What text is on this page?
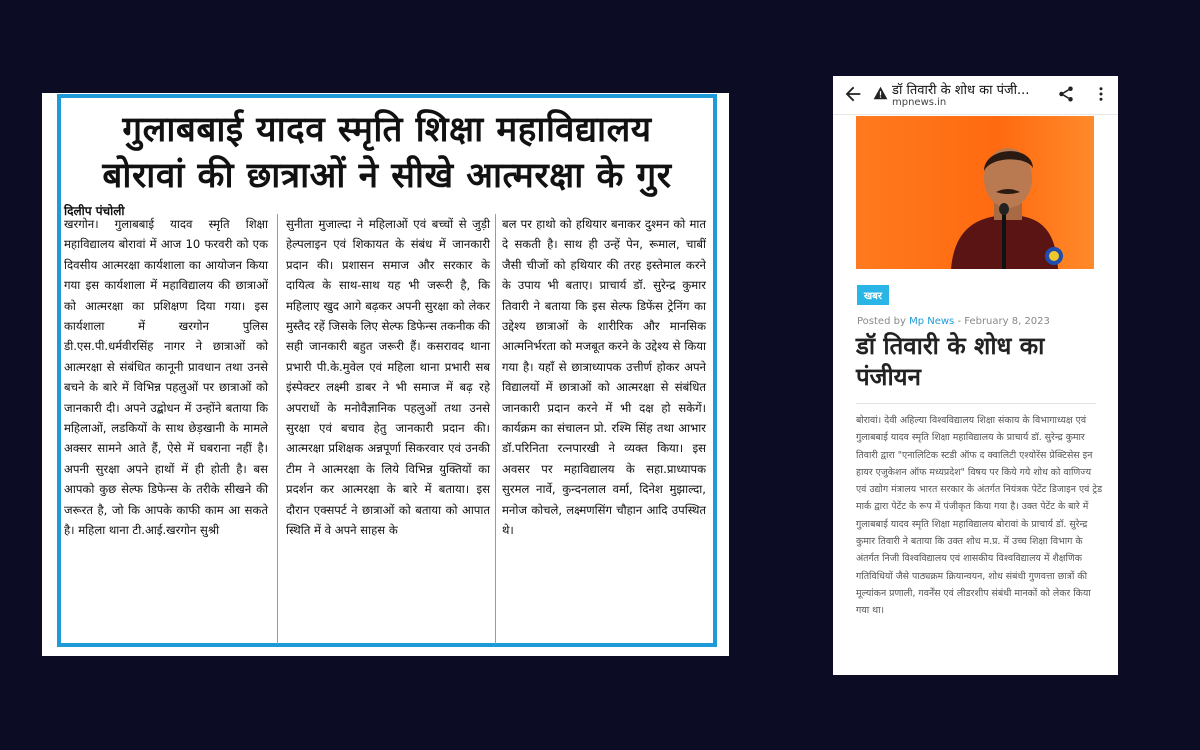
गुलाबबाई यादव स्मृति शिक्षा महाविद्यालय
बोरावां की छात्राओं ने सीखे आत्मरक्षा के गुर
दिलीप पंचोली
खरगोन। गुलाबबाई यादव स्मृति शिक्षा महाविद्यालय बोरावां में आज 10 फरवरी को एक दिवसीय आत्मरक्षा कार्यशाला का आयोजन किया गया इस कार्यशाला में महाविद्यालय की छात्राओं को आत्मरक्षा का प्रशिक्षण दिया गया। इस कार्यशाला में खरगोन पुलिस डी.एस.पी.धर्मवीरसिंह नागर ने छात्राओं को आत्मरक्षा से संबंधित कानूनी प्रावधान तथा उनसे बचने के बारे में विभिन्न पहलुओं पर छात्राओं को जानकारी दी। अपने उद्बोधन में उन्होंने बताया कि महिलाओं, लडकियों के साथ छेड़खानी के मामले अक्सर सामने आते हैं, ऐसे में घबराना नहीं है। अपनी सुरक्षा अपने हाथों में ही होती है। बस आपको कुछ सेल्फ डिफेन्स के तरीके सीखने की जरूरत है, जो कि आपके काफी काम आ सकते है। महिला थाना टी.आई.खरगोन सुश्री
सुनीता मुजाल्दा ने महिलाओं एवं बच्चों से जुड़ी हेल्पलाइन एवं शिकायत के संबंध में जानकारी प्रदान की। प्रशासन समाज और सरकार के दायित्व के साथ-साथ यह भी जरूरी है, कि महिलाए खुद आगे बढ़कर अपनी सुरक्षा को लेकर मुस्तैद रहें जिसके लिए सेल्फ डिफेन्स तकनीक की सही जानकारी बहुत जरूरी हैं। कसरावद थाना प्रभारी पी.के.मुवेल एवं महिला थाना प्रभारी सब इंस्पेक्टर लक्ष्मी डाबर ने भी समाज में बढ़ रहे अपराधों के मनोवैज्ञानिक पहलुओं तथा उनसे सुरक्षा एवं बचाव हेतु जानकारी प्रदान की। आत्मरक्षा प्रशिक्षक अन्नपूर्णा सिकरवार एवं उनकी टीम ने आत्मरक्षा के लिये विभिन्न युक्तियों का प्रदर्शन कर आत्मरक्षा के बारे में बताया। इस दौरान एक्सपर्ट ने छात्राओं को बताया को आपात स्थिति में वे अपने साहस के
बल पर हाथो को हथियार बनाकर दुश्मन को मात दे सकती है। साथ ही उन्हें पेन, रूमाल, चाबीं जैसी चीजों को हथियार की तरह इस्तेमाल करने के उपाय भी बताए। प्राचार्य डॉ. सुरेन्द्र कुमार तिवारी ने बताया कि इस सेल्फ डिफेंस ट्रेनिंग का उद्देश्य छात्राओं के शारीरिक और मानसिक आत्मनिर्भरता को मजबूत करने के उद्देश्य से किया गया है। यहाँ से छात्राध्यापक उत्तीर्ण होकर अपने विद्यालयों में छात्राओं को आत्मरक्षा से संबंधित जानकारी प्रदान करने में भी दक्ष हो सकेगें।कार्यक्रम का संचालन प्रो. रश्मि सिंह तथा आभार डॉ.परिनिता रत्नपारखी ने व्यक्त किया। इस अवसर पर महाविद्यालय के सहा.प्राध्यापक सुरमल नार्वे, कुन्दनलाल वर्मा, दिनेश मुझाल्दा, मनोज कोचले, लक्ष्मणसिंग चौहान आदि उपस्थित थे।
डॉ तिवारी के शोध का पंजी...
mpnews.in
खबर
Posted by Mp News - February 8, 2023
डॉ तिवारी के शोध का पंजीयन
बोरावां। देवी अहिल्या विश्वविद्यालय शिक्षा संकाय के विभागाध्यक्ष एवं गुलाबबाई यादव स्मृति शिक्षा महाविद्यालय के प्राचार्य डॉ. सुरेन्द्र कुमार तिवारी द्वारा "एनालिटिक स्टडी ऑफ द क्वालिटी एश्योरेंस प्रेक्टिसेस इन हायर एजुकेशन ऑफ मध्यप्रदेश" विषय पर किये गये शोध को वाणिज्य एवं उद्योग मंत्रालय भारत सरकार के अंतर्गत नियंत्रक पेटेंट डिजाइन एवं ट्रेड मार्क द्वारा पेटेंट के रूप में पंजीकृत किया गया है। उक्त पेटेंट के बारे में गुलाबबाई यादव स्मृति शिक्षा महाविद्यालय बोरावां के प्राचार्य डॉ. सुरेन्द्र कुमार तिवारी ने बताया कि उक्त शोध म.प्र. में उच्च शिक्षा विभाग के अंतर्गत निजी विश्वविद्यालय एवं शासकीय विश्वविद्यालय में शैक्षणिक गतिविधियों जैसे पाठ्यक्रम क्रियान्वयन, शोध संबंधी गुणवत्ता छात्रों की मूल्यांकन प्रणाली, गवर्नेंस एवं लीडरशीप संबंधी मानकों को लेकर किया गया था।
